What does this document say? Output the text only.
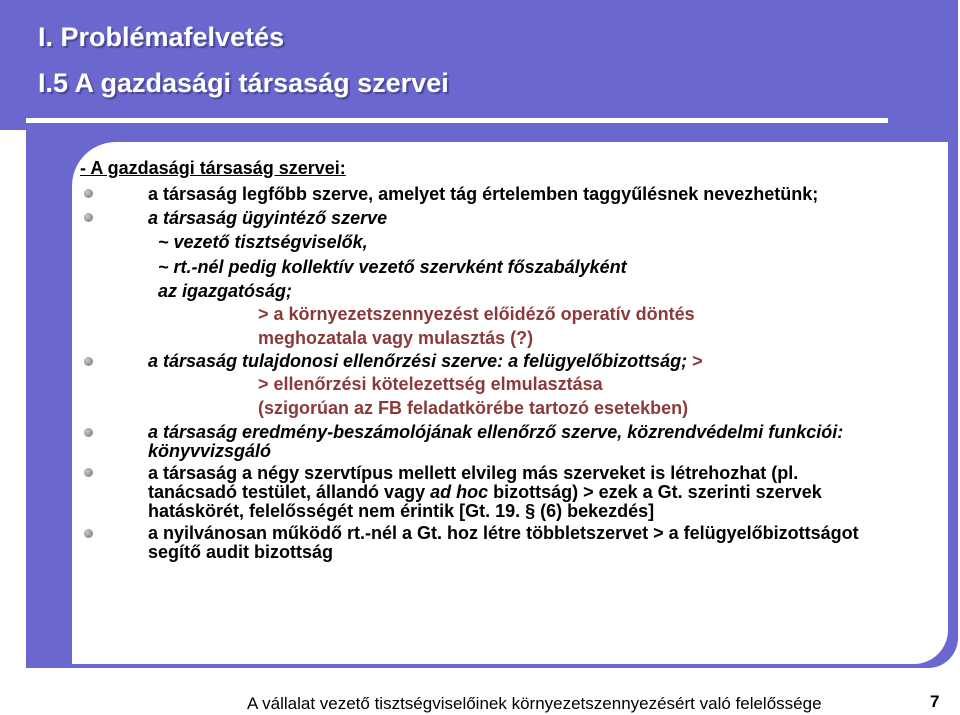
I. Problémafelvetés
I.5 A gazdasági társaság szervei
- A gazdasági társaság szervei:
a társaság legfőbb szerve, amelyet tág értelemben taggyűlésnek nevezhetünk;
a társaság ügyintéző szerve
~ vezető tisztségviselők,
~ rt.-nél pedig kollektív vezető szervként főszabályként
az igazgatóság;
> a környezetszennyezést előidéző operatív döntés
meghozatala vagy mulasztás (?)
a társaság tulajdonosi ellenőrzési szerve: a felügyelőbizottság; >
> ellenőrzési kötelezettség elmulasztása
(szigorúan az FB feladatkörébe tartozó esetekben)
a társaság eredmény-beszámolójának ellenőrző szerve, közrendvédelmi funkciói:
könyvvizsgáló
a társaság a négy szervtípus mellett elvileg más szerveket is létrehozhat (pl.
tanácsadó testület, állandó vagy ad hoc bizottság) > ezek a Gt. szerinti szervek
hatáskörét, felelősségét nem érintik [Gt. 19. § (6) bekezdés]
a nyilvánosan működő rt.-nél a Gt. hoz létre többletszervet > a felügyelőbizottságot
segítő audit bizottság
A vállalat vezető tisztségviselőinek környezetszennyezésért való felelőssége	7
